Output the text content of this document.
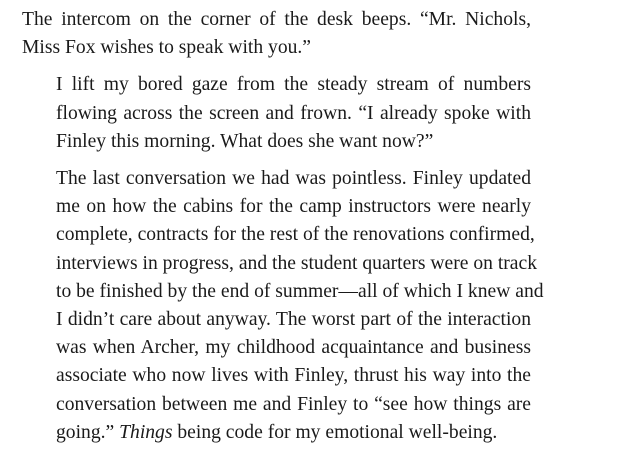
The intercom on the corner of the desk beeps. “Mr. Nichols,
Miss Fox wishes to speak with you.”
I lift my bored gaze from the steady stream of numbers
flowing across the screen and frown. “I already spoke with
Finley this morning. What does she want now?”
The last conversation we had was pointless. Finley updated
me on how the cabins for the camp instructors were nearly
complete, contracts for the rest of the renovations confirmed,
interviews in progress, and the student quarters were on track
to be finished by the end of summer—all of which I knew and
I didn’t care about anyway. The worst part of the interaction
was when Archer, my childhood acquaintance and business
associate who now lives with Finley, thrust his way into the
conversation between me and Finley to “see how things are
going.” Things being code for my emotional well-being.
